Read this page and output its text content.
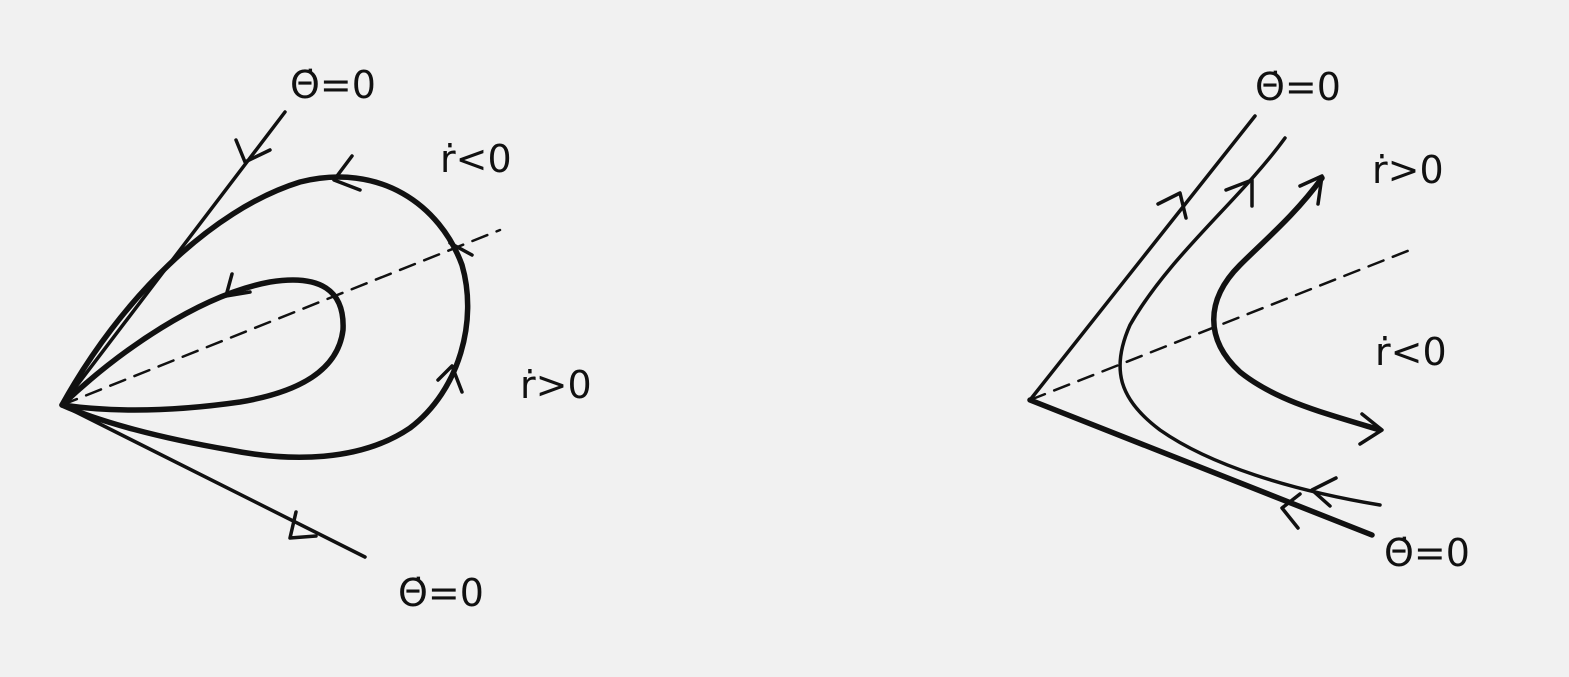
Θ̇=0
ṙ<0
ṙ>0
Θ̇=0
Θ̇=0
ṙ>0
ṙ<0
Θ̇=0
